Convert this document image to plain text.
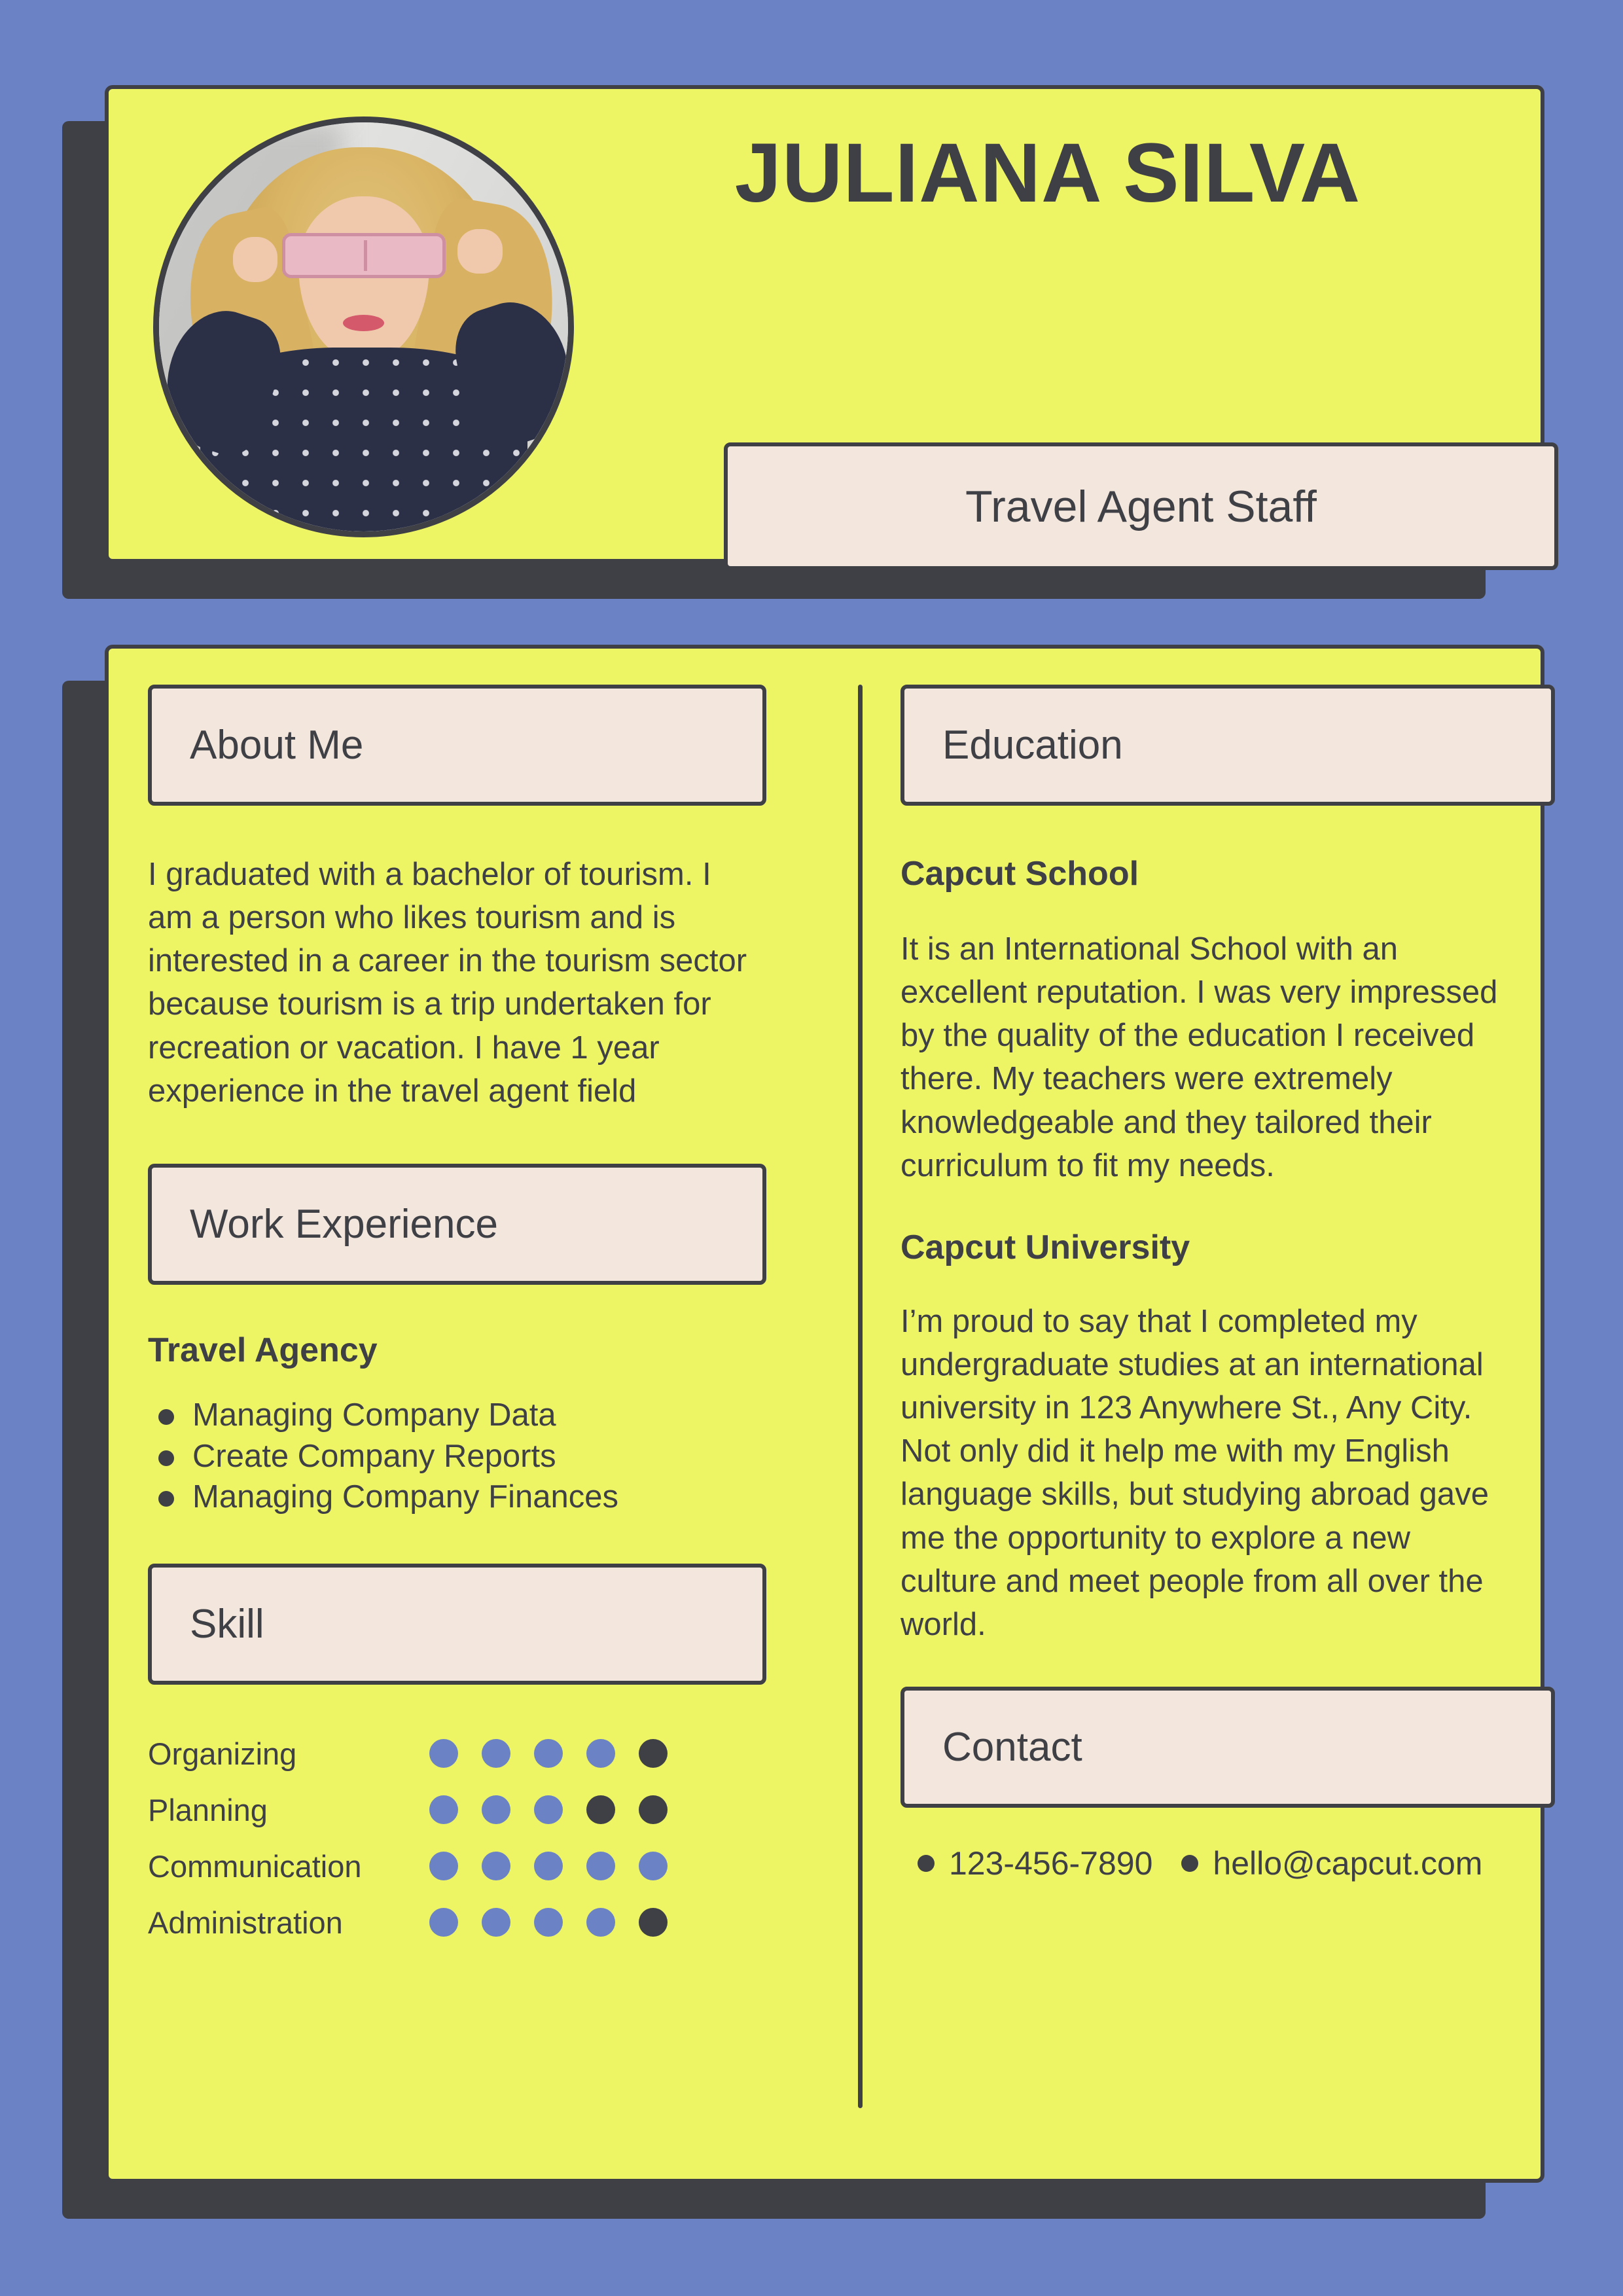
JULIANA SILVA
Travel Agent Staff
About Me

I graduated with a bachelor of tourism. I am a person who likes tourism and is interested in a career in the tourism sector because tourism is a trip undertaken for recreation or vacation. I have 1 year experience in the travel agent field

Work Experience

Travel Agency

Managing Company Data
Create Company Reports
Managing Company Finances
Skill
Organizing
Planning
Communication
Administration
Education

Capcut School

It is an International School with an excellent reputation. I was very impressed by the quality of the education I received there. My teachers were extremely knowledgeable and they tailored their curriculum to fit my needs.

Capcut University

I’m proud to say that I completed my undergraduate studies at an international university in 123 Anywhere St., Any City. Not only did it help me with my English language skills, but studying abroad gave me the opportunity to explore a new culture and meet people from all over the world.

Contact
123-456-7890 hello@capcut.com
